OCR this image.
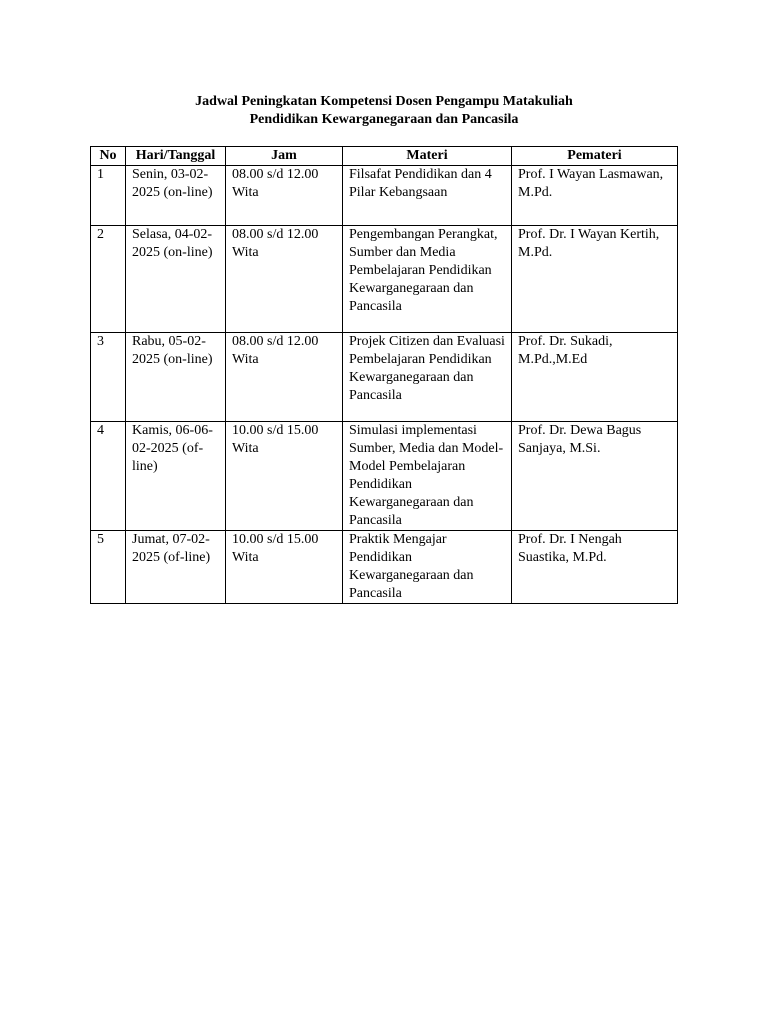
Jadwal Peningkatan Kompetensi Dosen Pengampu Matakuliah
Pendidikan Kewarganegaraan dan Pancasila
No	Hari/Tanggal	Jam	Materi	Pemateri
1	Senin, 03-02-2025 (on-line)	08.00 s/d 12.00 Wita	Filsafat Pendidikan dan 4 Pilar Kebangsaan	Prof. I Wayan Lasmawan, M.Pd.
2	Selasa, 04-02-2025 (on-line)	08.00 s/d 12.00 Wita	Pengembangan Perangkat, Sumber dan Media Pembelajaran Pendidikan Kewarganegaraan dan Pancasila	Prof. Dr. I Wayan Kertih, M.Pd.
3	Rabu, 05-02-2025 (on-line)	08.00 s/d 12.00 Wita	Projek Citizen dan Evaluasi Pembelajaran Pendidikan Kewarganegaraan dan Pancasila	Prof. Dr. Sukadi, M.Pd.,M.Ed
4	Kamis, 06-06-02-2025 (of-line)	10.00 s/d 15.00 Wita	Simulasi implementasi Sumber, Media dan Model-Model Pembelajaran Pendidikan Kewarganegaraan dan Pancasila	Prof. Dr. Dewa Bagus Sanjaya, M.Si.
5	Jumat, 07-02-2025 (of-line)	10.00 s/d 15.00 Wita	Praktik Mengajar Pendidikan Kewarganegaraan dan Pancasila	Prof. Dr. I Nengah Suastika, M.Pd.
